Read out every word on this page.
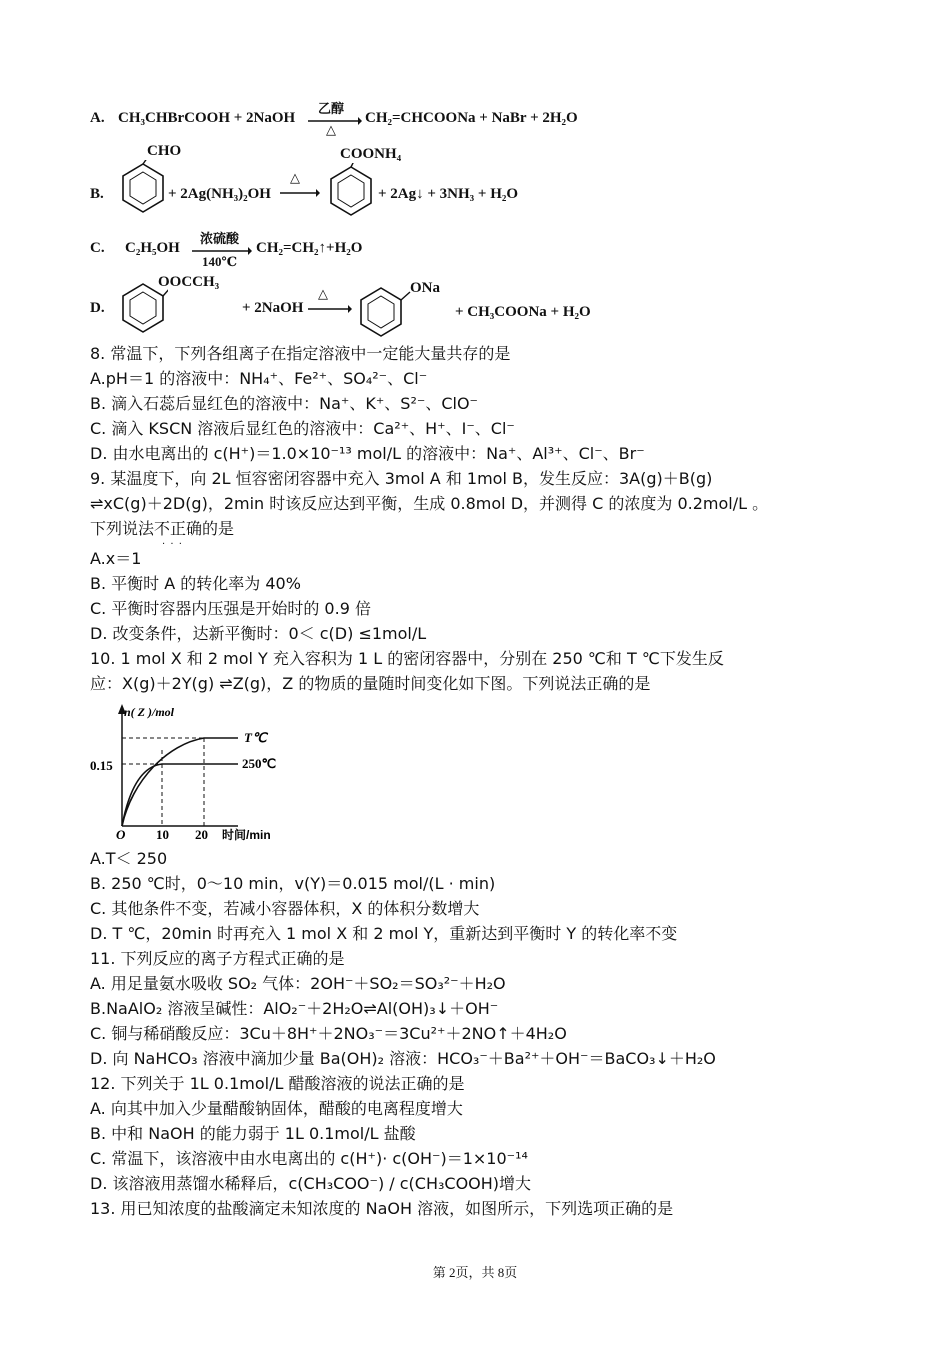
A. CH₃CHBrCOOH + 2NaOH
乙醇
△
CH₂=CHCOONa + NaBr + 2H₂O
B.
CHO
+ 2Ag(NH₃)₂OH
△
COONH₄
+ 2Ag↓ + 3NH₃ + H₂O
C. C₂H₅OH
浓硫酸
140℃
CH₂=CH₂↑+H₂O
D.
OOCCH₃
+ 2NaOH
△	ONa
+ CH₃COONa + H₂O
8. 常温下，下列各组离子在指定溶液中一定能大量共存的是
A.pH＝1 的溶液中：NH₄⁺、Fe²⁺、SO₄²⁻、Cl⁻
B. 滴入石蕊后显红色的溶液中：Na⁺、K⁺、S²⁻、ClO⁻
C. 滴入 KSCN 溶液后显红色的溶液中：Ca²⁺、H⁺、I⁻、Cl⁻
D. 由水电离出的 c(H⁺)＝1.0×10⁻¹³ mol/L 的溶液中：Na⁺、Al³⁺、Cl⁻、Br⁻
9. 某温度下，向 2L 恒容密闭容器中充入 3mol A 和 1mol B，发生反应：3A(g)＋B(g)
⇌xC(g)＋2D(g)，2min 时该反应达到平衡，生成 0.8mol D，并测得 C 的浓度为 0.2mol/L 。
下列说法不正确 · · ·的是
A.x＝1
B. 平衡时 A 的转化率为 40%
C. 平衡时容器内压强是开始时的 0.9 倍
D. 改变条件，达新平衡时：0＜ c(D) ≤1mol/L
10. 1 mol X 和 2 mol Y 充入容积为 1 L 的密闭容器中，分别在 250 ℃和 T ℃下发生反
应：X(g)＋2Y(g) ⇌Z(g)，Z 的物质的量随时间变化如下图。下列说法正确的是
n( Z )/mol
0.15
O 10 20 时间/min
T℃
250℃
A.T＜ 250
B. 250 ℃时，0～10 min，v(Y)＝0.015 mol/(L · min)
C. 其他条件不变，若减小容器体积，X 的体积分数增大
D. T ℃，20min 时再充入 1 mol X 和 2 mol Y，重新达到平衡时 Y 的转化率不变
11. 下列反应的离子方程式正确的是
A. 用足量氨水吸收 SO₂ 气体：2OH⁻＋SO₂＝SO₃²⁻＋H₂O
B.NaAlO₂ 溶液呈碱性：AlO₂⁻＋2H₂O⇌Al(OH)₃↓＋OH⁻
C. 铜与稀硝酸反应：3Cu＋8H⁺＋2NO₃⁻＝3Cu²⁺＋2NO↑＋4H₂O
D. 向 NaHCO₃ 溶液中滴加少量 Ba(OH)₂ 溶液：HCO₃⁻＋Ba²⁺＋OH⁻＝BaCO₃↓＋H₂O
12. 下列关于 1L 0.1mol/L 醋酸溶液的说法正确的是
A. 向其中加入少量醋酸钠固体，醋酸的电离程度增大
B. 中和 NaOH 的能力弱于 1L 0.1mol/L 盐酸
C. 常温下，该溶液中由水电离出的 c(H⁺)· c(OH⁻)＝1×10⁻¹⁴
D. 该溶液用蒸馏水稀释后，c(CH₃COO⁻) / c(CH₃COOH)增大
13. 用已知浓度的盐酸滴定未知浓度的 NaOH 溶液，如图所示，下列选项正确的是
第 2页，共 8页
